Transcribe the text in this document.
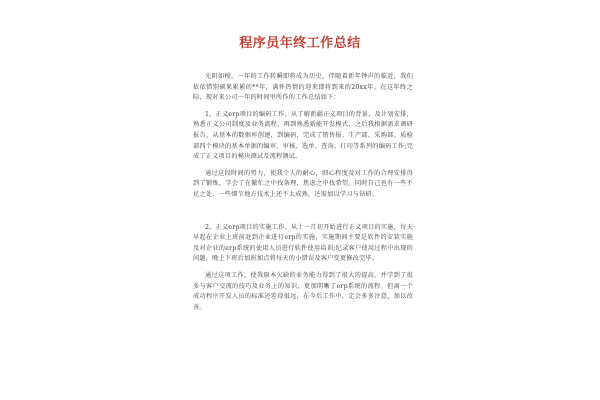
程序员年终工作总结

光阴如梭，一年的工作转瞬即将成为历史，伴随着新年钟声的临近，我们依依惜别硕果累累的**年，满怀热情的迎来即将到来的20xx年。在这年终之际，现对来公司一年的时间里所作的工作总结如下：

1、正义erp项目的编码工作。从了解新疆正义项目的背景，及计划安排，熟悉正义公司制度及业务流程，再到熟悉新能开发模式，之后我根据需求调研报告，从基本的数据库创建，到编码，完成了销售报、生产部、采购部、质检部四个模块的基本单据的编审、审核、选单、查询、打印等系列的编码工作;完成了正义项目的模块测试及流程测试。

通过这段时间的努力，使我个人的耐心，细心程度及对工作的合理安排得到了锻炼，学会了在繁忙之中找条理，焦虑之中找希望。同时自己也有一些不足之处，一些细节地方技术上还不太成熟，还需加以学习与钻研。

2、正义erp项目的实施工作。从十一月初开始进行正义项目的实施，每天早起在企业上班前赶到企业进行erp的实施，实施期间主要是软件的安装实施及对企业的erp系统的使用人员进行软件使用培训;纪录客户使用过程中出现的问题，晚上下班后加班加点将每天的小错误及客户变更修改完毕。

通过这项工作，使我原本欠缺的业务能力得到了很大的提高，并学到了很多与客户交流的技巧及业务上的知识，更加明晰了erp系统的流程。但离一个成功程序开发人员的标准还差得很远，在今后工作中，定会多多注意，加以改善。
